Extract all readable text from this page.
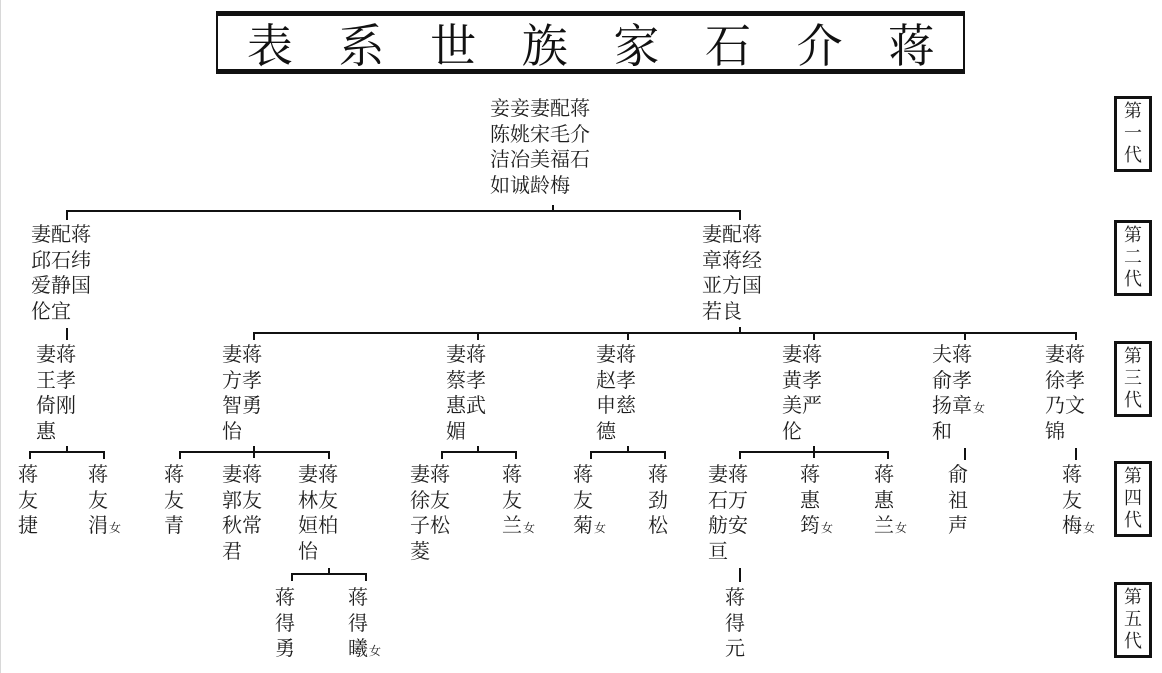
表 系 世 族 家 石 介 蒋
第
一
代
第
二
代
第
三
代
第
四
代
第
五
代
妾妾妻配蒋
陈姚宋毛介
洁冶美福石
如诚龄梅
妻配蒋
邱石纬
爱静国
伦宜
妻配蒋
章蒋经
亚方国
若良
妻蒋
王孝
倚刚
惠
妻蒋
方孝
智勇
怡
妻蒋
蔡孝
惠武
媚
妻蒋
赵孝
申慈
德
妻蒋
黄孝
美严
伦
夫蒋
俞孝
扬章女
和
妻蒋
徐孝
乃文
锦
蒋
友
捷
蒋
友
涓女
蒋
友
青
妻蒋
郭友
秋常
君
妻蒋
林友
姮柏
怡
妻蒋
徐友
子松
菱
蒋
友
兰女
蒋
友
菊女
蒋
劲
松
妻蒋
石万
舫安
亘
蒋
惠
筠女
蒋
惠
兰女
俞
祖
声
蒋
友
梅女
蒋
得
勇
蒋
得
曦女
蒋
得
元
